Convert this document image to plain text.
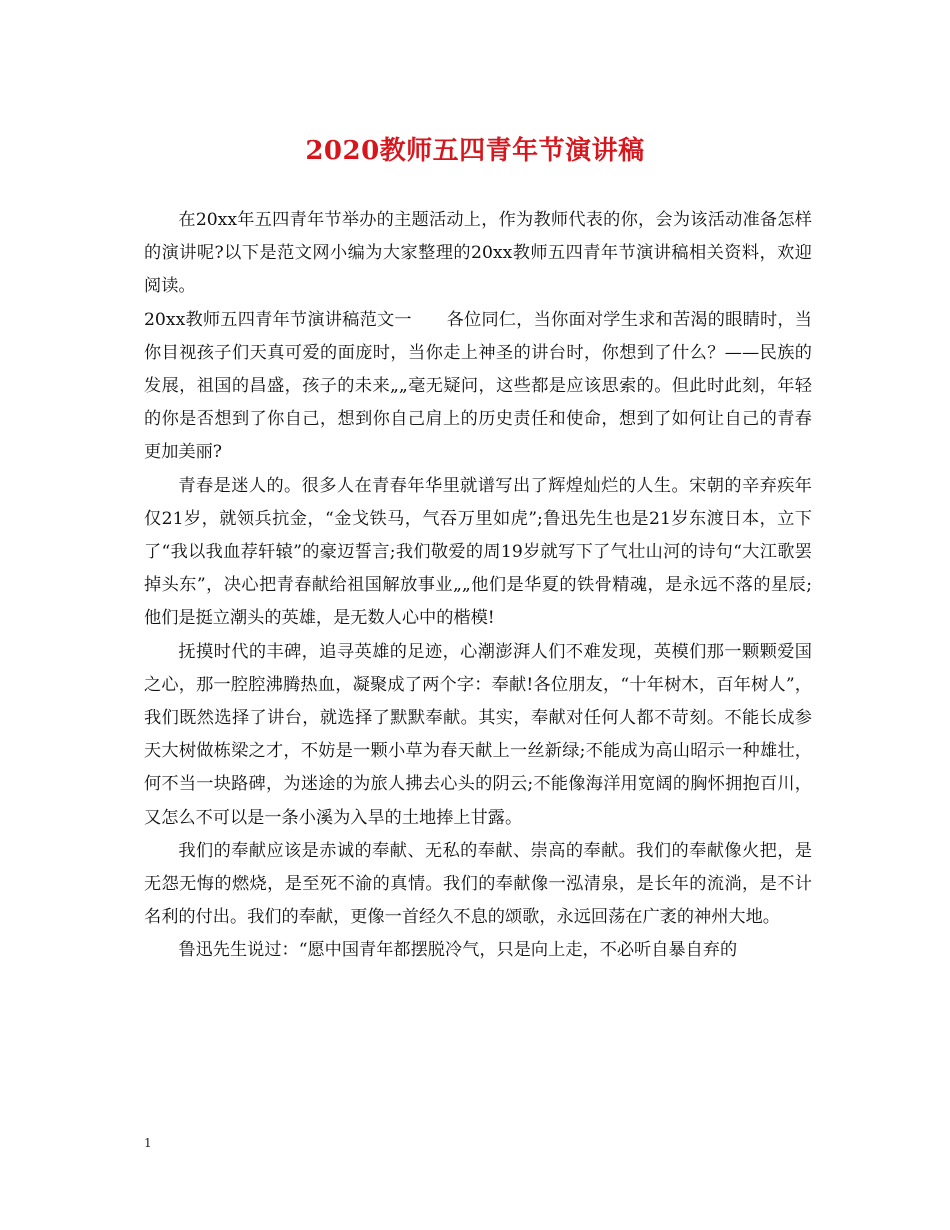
2020教师五四青年节演讲稿

在20xx年五四青年节举办的主题活动上，作为教师代表的你，会为该活动准备怎样的演讲呢?以下是范文网小编为大家整理的20xx教师五四青年节演讲稿相关资料，欢迎阅读。

20xx教师五四青年节演讲稿范文一　　各位同仁，当你面对学生求和苦渴的眼睛时，当你目视孩子们天真可爱的面庞时，当你走上神圣的讲台时，你想到了什么？——民族的发展，祖国的昌盛，孩子的未来„„毫无疑问，这些都是应该思索的。但此时此刻，年轻的你是否想到了你自己，想到你自己肩上的历史责任和使命，想到了如何让自己的青春更加美丽?

青春是迷人的。很多人在青春年华里就谱写出了辉煌灿烂的人生。宋朝的辛弃疾年仅21岁，就领兵抗金，“金戈铁马，气吞万里如虎”;鲁迅先生也是21岁东渡日本，立下了“我以我血荐轩辕”的豪迈誓言;我们敬爱的周19岁就写下了气壮山河的诗句“大江歌罢掉头东”，决心把青春献给祖国解放事业„„他们是华夏的铁骨精魂，是永远不落的星辰;他们是挺立潮头的英雄，是无数人心中的楷模!

抚摸时代的丰碑，追寻英雄的足迹，心潮澎湃人们不难发现，英模们那一颗颗爱国之心，那一腔腔沸腾热血，凝聚成了两个字：奉献!各位朋友，“十年树木，百年树人”，我们既然选择了讲台，就选择了默默奉献。其实，奉献对任何人都不苛刻。不能长成参天大树做栋梁之才，不妨是一颗小草为春天献上一丝新绿;不能成为高山昭示一种雄壮，何不当一块路碑，为迷途的为旅人拂去心头的阴云;不能像海洋用宽阔的胸怀拥抱百川，又怎么不可以是一条小溪为入旱的土地捧上甘露。

我们的奉献应该是赤诚的奉献、无私的奉献、崇高的奉献。我们的奉献像火把，是无怨无悔的燃烧，是至死不渝的真情。我们的奉献像一泓清泉，是长年的流淌，是不计名利的付出。我们的奉献，更像一首经久不息的颂歌，永远回荡在广袤的神州大地。

鲁迅先生说过：“愿中国青年都摆脱冷气，只是向上走，不必听自暴自弃的

1
